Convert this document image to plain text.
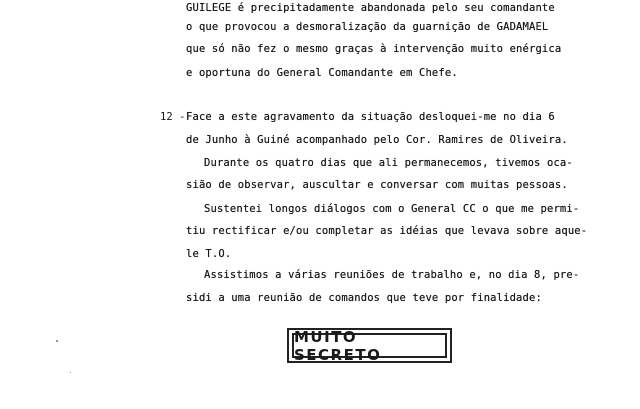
GUILEGE é precipitadamente abandonada pelo seu comandante
o que provocou a desmoralização da guarnição de GADAMAEL
que só não fez o mesmo graças à intervenção muito enérgica
e oportuna do General Comandante em Chefe.
12 - Face a este agravamento da situação desloquei-me no dia 6
de Junho à Guiné acompanhado pelo Cor. Ramires de Oliveira.
Durante os quatro dias que ali permanecemos, tivemos oca-
sião de observar, auscultar e conversar com muitas pessoas.
Sustentei longos diálogos com o General CC o que me permi-
tiu rectificar e/ou completar as idéias que levava sobre aque-
le T.O.
Assistimos a várias reuniões de trabalho e, no dia 8, pre-
sidi a uma reunião de comandos que teve por finalidade:
MUITO SECRETO
